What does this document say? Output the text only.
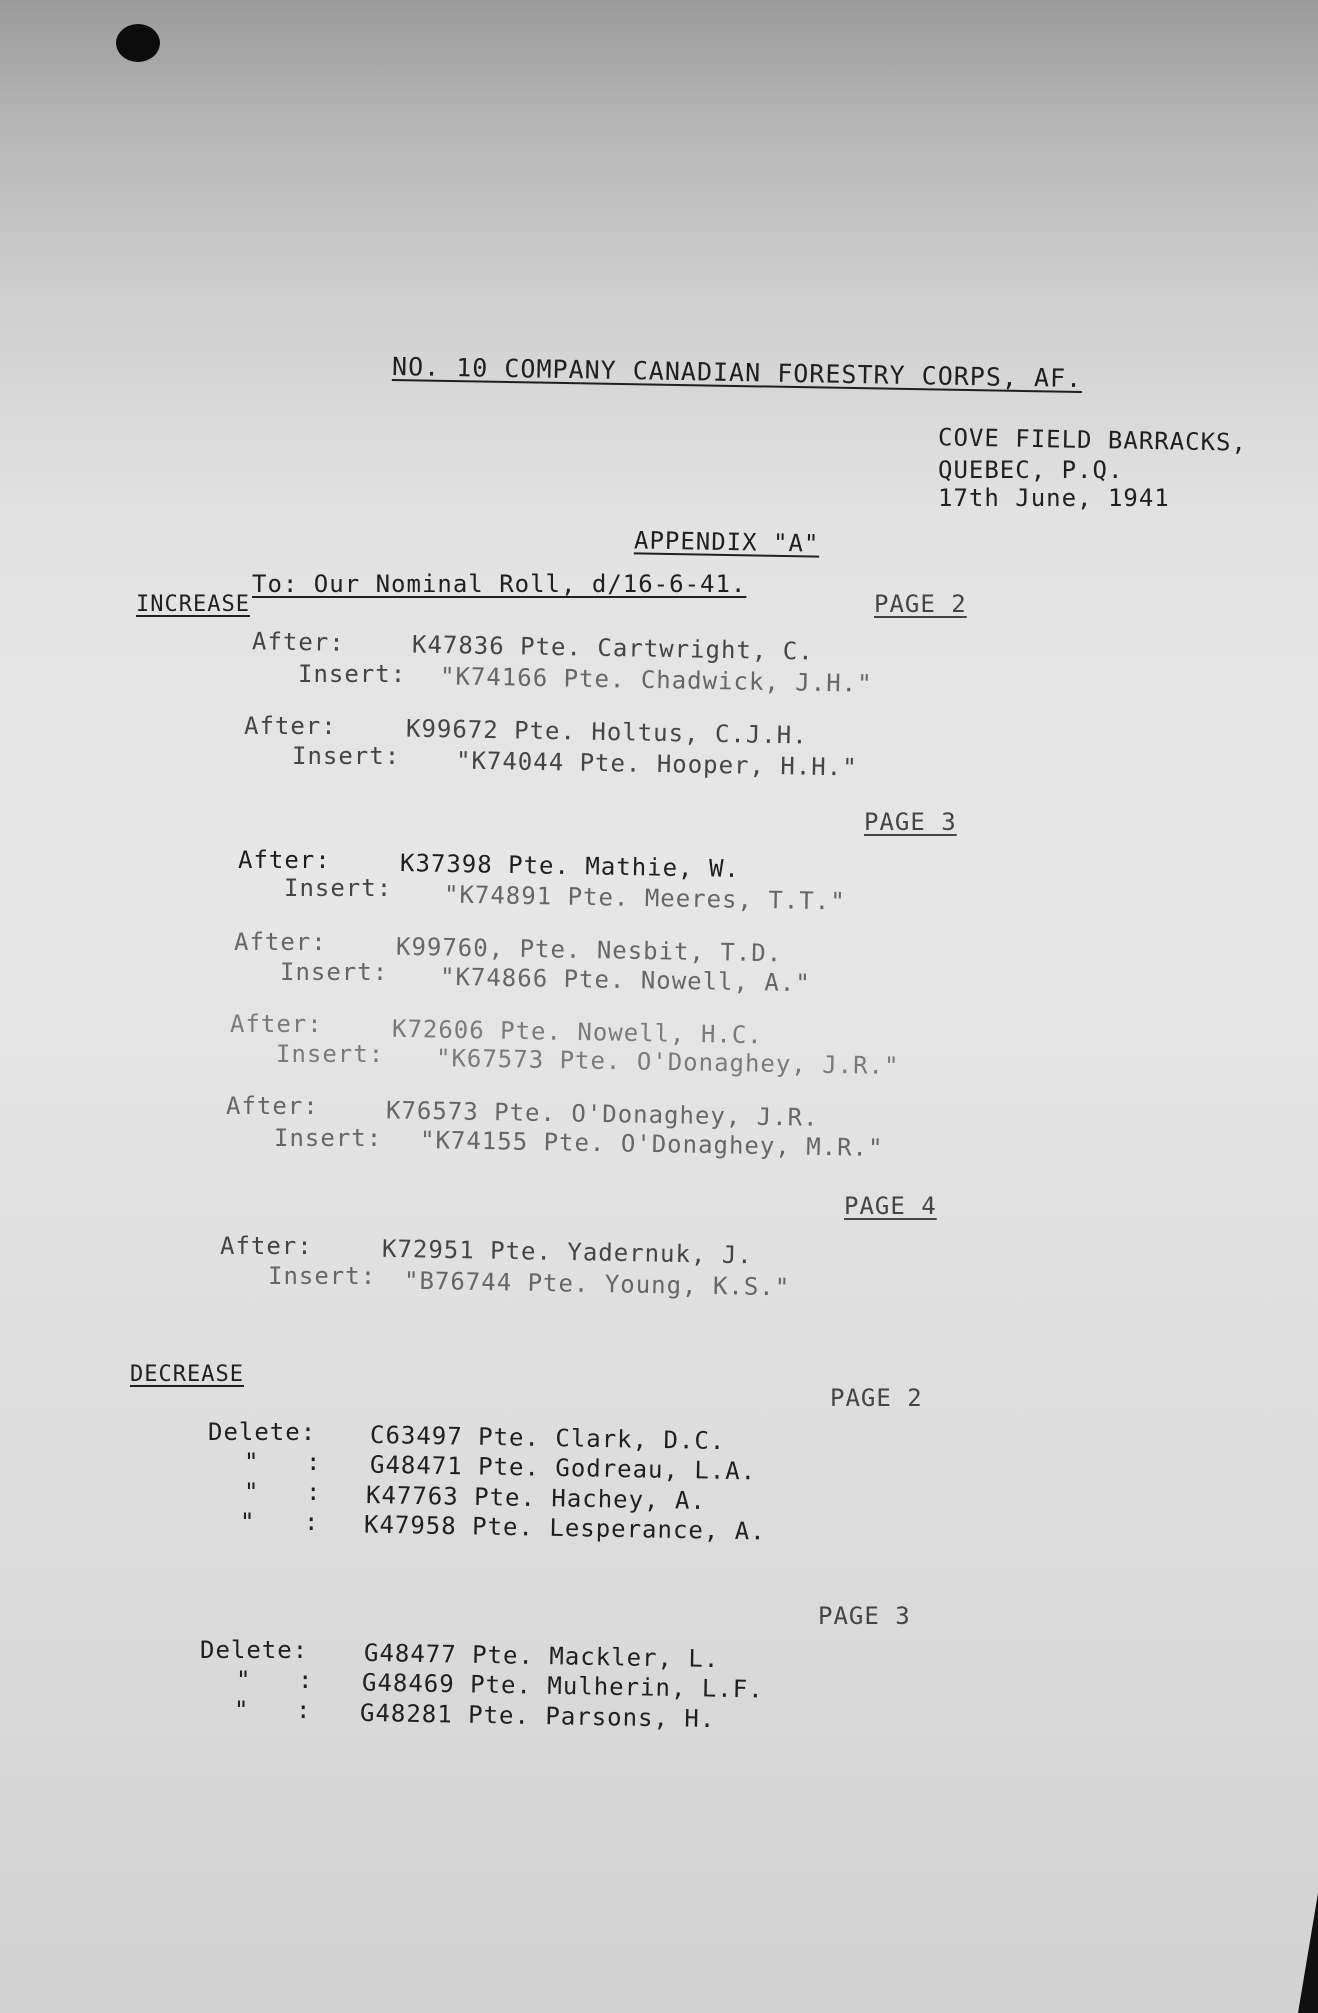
NO. 10 COMPANY CANADIAN FORESTRY CORPS, AF.
COVE FIELD BARRACKS,
QUEBEC, P.Q.
17th June, 1941
APPENDIX "A"
To: Our Nominal Roll, d/16-6-41.
INCREASE	PAGE 2
After:	K47836 Pte. Cartwright, C.
Insert: "K74166 Pte. Chadwick, J.H."
After:	K99672 Pte. Holtus, C.J.H.
Insert: "K74044 Pte. Hooper, H.H."
PAGE 3
After:	K37398 Pte. Mathie, W.
Insert: "K74891 Pte. Meeres, T.T."
After:	K99760, Pte. Nesbit, T.D.
Insert: "K74866 Pte. Nowell, A."
After:	K72606 Pte. Nowell, H.C.
Insert: "K67573 Pte. O'Donaghey, J.R."
After:	K76573 Pte. O'Donaghey, J.R.
Insert: "K74155 Pte. O'Donaghey, M.R."
PAGE 4
After:	K72951 Pte. Yadernuk, J.
Insert: "B76744 Pte. Young, K.S."
DECREASE
PAGE 2
Delete: C63497 Pte. Clark, D.C.
" : G48471 Pte. Godreau, L.A.
" : K47763 Pte. Hachey, A.
" : K47958 Pte. Lesperance, A.
PAGE 3
Delete: G48477 Pte. Mackler, L.
" : G48469 Pte. Mulherin, L.F.
" : G48281 Pte. Parsons, H.
